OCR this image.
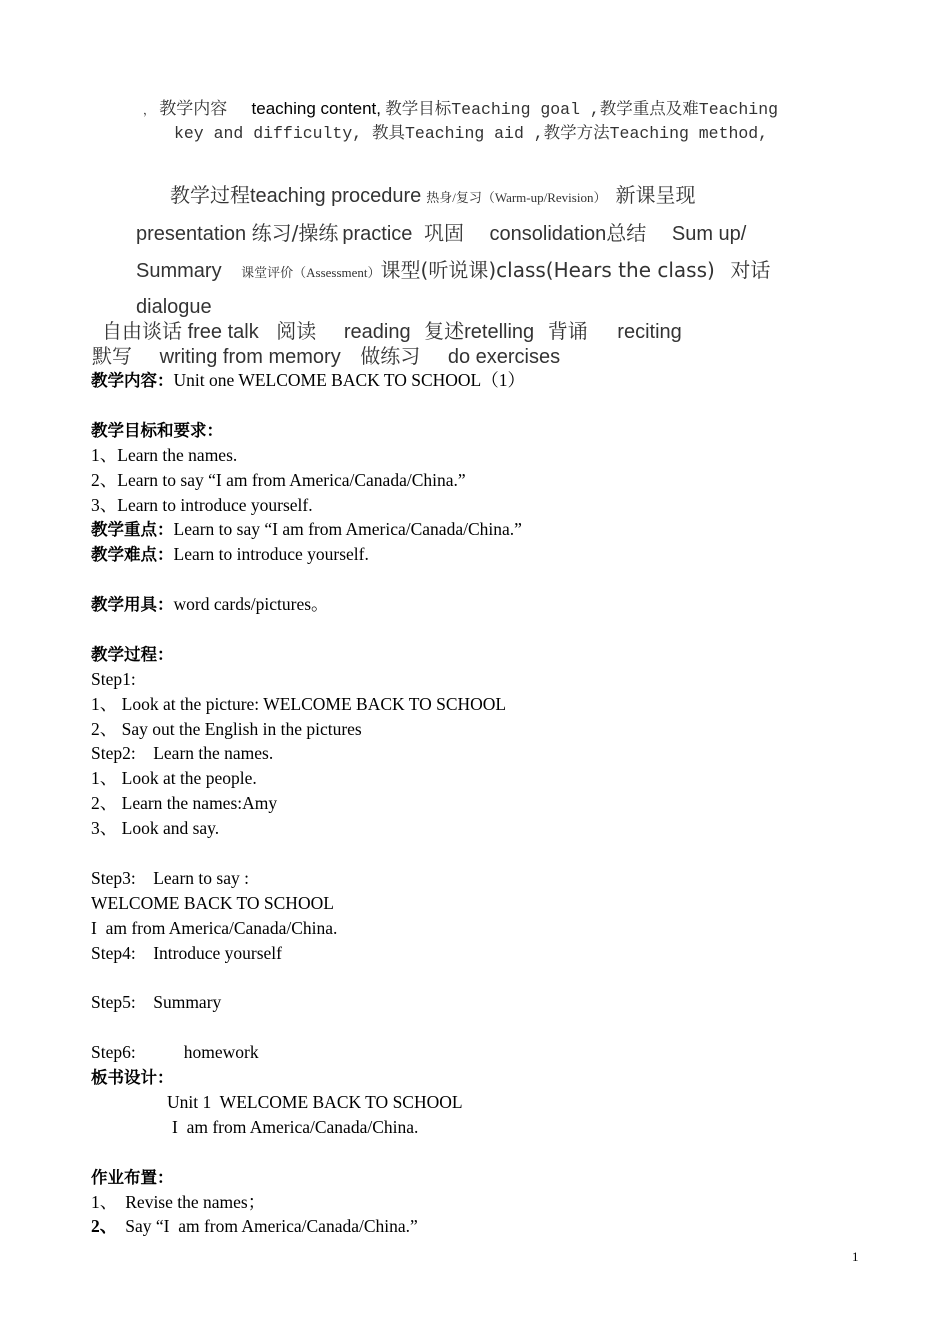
， 教学内容 teaching content, 教学目标Teaching goal ,教学重点及难Teaching
key and difficulty, 教具Teaching aid ,教学方法Teaching method,
教学过程teaching procedure 热身/复习（Warm-up/Revision） 新课呈现
presentation 练习/操练 practice 巩固 consolidation总结 Sum up/
Summary 课堂评价（Assessment）课型(听说课)class(Hears the class) 对话
dialogue
自由谈话 free talk 阅读 reading 复述retelling 背诵 reciting
默写 writing from memory 做练习 do exercises
教学内容：Unit one WELCOME BACK TO SCHOOL（1）
教学目标和要求：
1、Learn the names.
2、Learn to say “I am from America/Canada/China.”
3、Learn to introduce yourself.
教学重点：Learn to say “I am from America/Canada/China.”
教学难点：Learn to introduce yourself.
教学用具：word cards/pictures。
教学过程：
Step1:
1、 Look at the picture: WELCOME BACK TO SCHOOL
2、 Say out the English in the pictures
Step2:    Learn the names.
1、 Look at the people.
2、 Learn the names:Amy
3、 Look and say.
Step3:    Learn to say :
WELCOME BACK TO SCHOOL
I  am from America/Canada/China.
Step4:    Introduce yourself
Step5:    Summary
Step6:	homework
板书设计：
Unit 1  WELCOME BACK TO SCHOOL
I  am from America/Canada/China.
作业布置：
1、 Revise the names；
2、 Say “I  am from America/Canada/China.”
1
